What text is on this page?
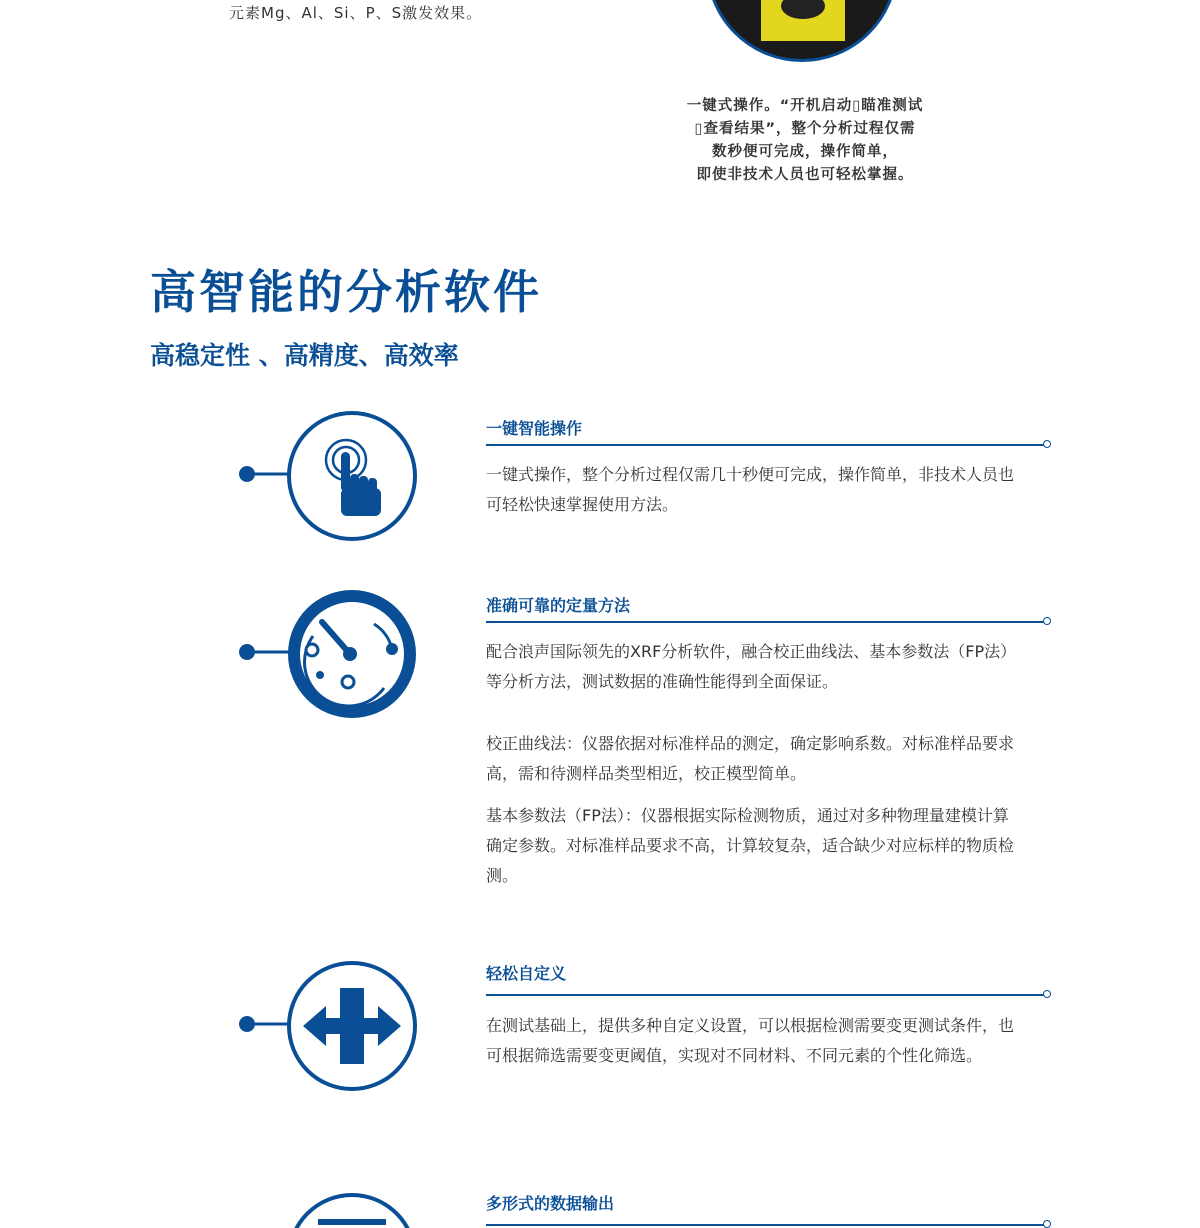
元素Mg、Al、Si、P、S激发效果。
一键式操作。“开机启动▯瞄准测试
▯查看结果”，整个分析过程仅需
数秒便可完成，操作简单，
即使非技术人员也可轻松掌握。
高智能的分析软件
高稳定性 、高精度、高效率
一键智能操作
一键式操作，整个分析过程仅需几十秒便可完成，操作简单，非技术人员也可轻松快速掌握使用方法。
准确可靠的定量方法
配合浪声国际领先的XRF分析软件，融合校正曲线法、基本参数法（FP法）等分析方法，测试数据的准确性能得到全面保证。
校正曲线法：仪器依据对标准样品的测定，确定影响系数。对标准样品要求高，需和待测样品类型相近，校正模型简单。
基本参数法（FP法）：仪器根据实际检测物质，通过对多种物理量建模计算确定参数。对标准样品要求不高，计算较复杂，适合缺少对应标样的物质检测。
轻松自定义
在测试基础上，提供多种自定义设置，可以根据检测需要变更测试条件，也可根据筛选需要变更阈值，实现对不同材料、不同元素的个性化筛选。
多形式的数据输出
